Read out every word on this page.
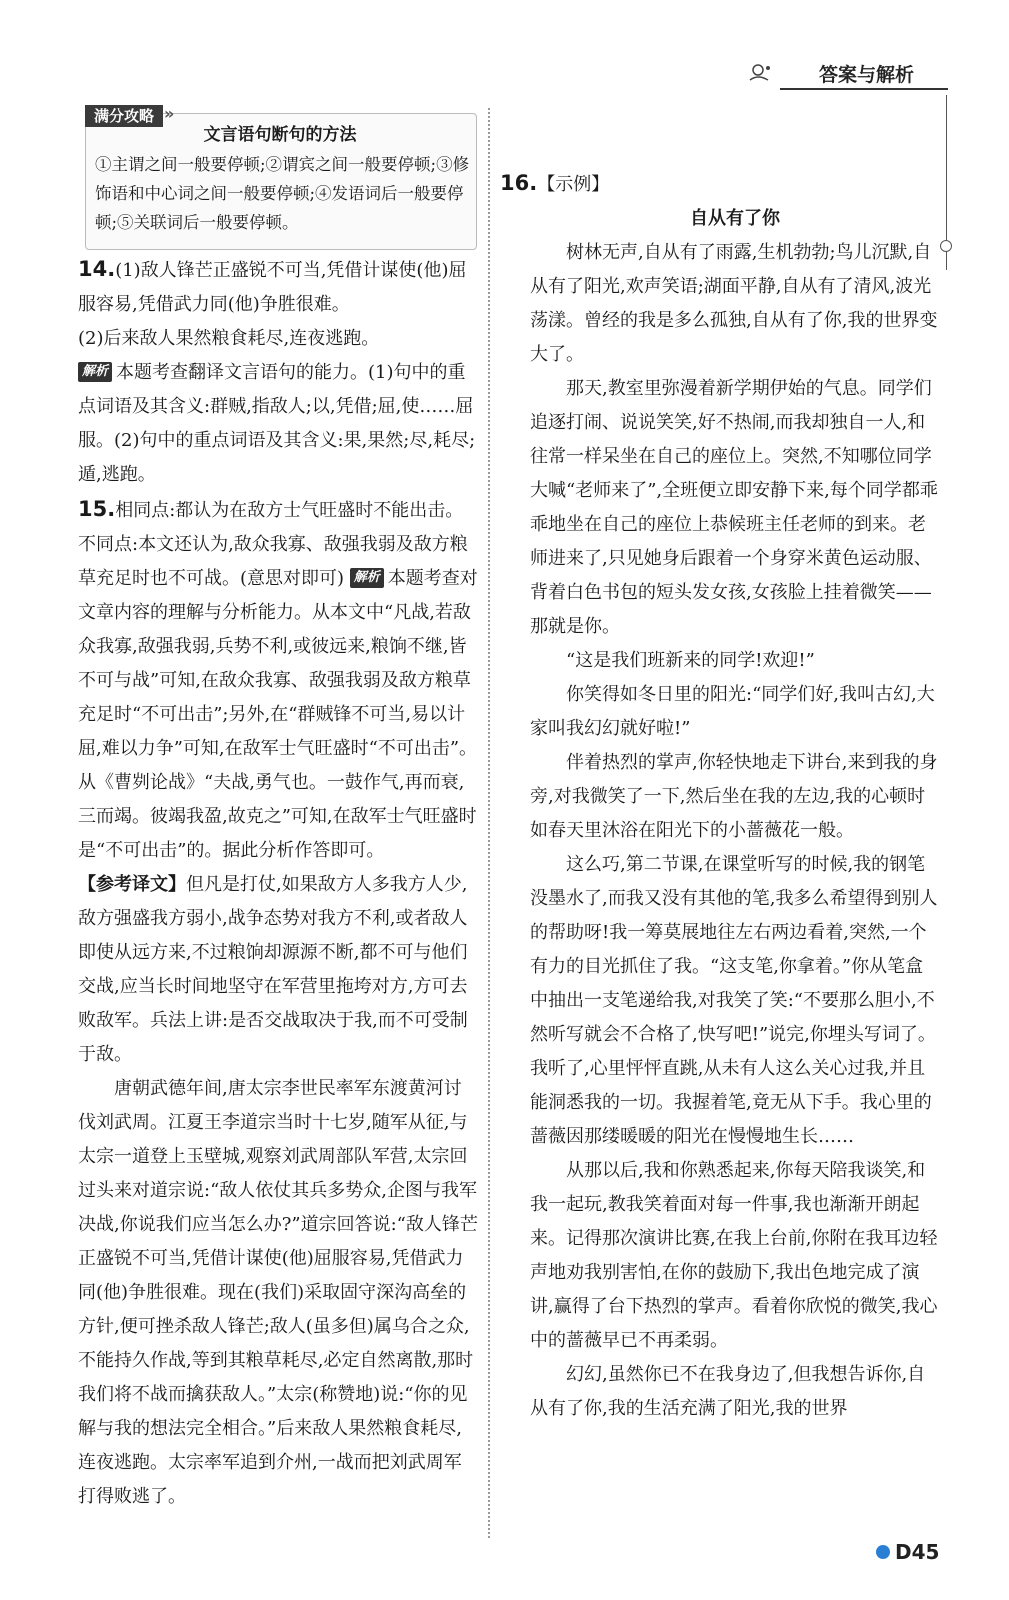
答案与解析
满分攻略 »
文言语句断句的方法
①主谓之间一般要停顿;②谓宾之间一般要停顿;③修饰语和中心词之间一般要停顿;④发语词后一般要停顿;⑤关联词后一般要停顿。

14.(1)敌人锋芒正盛锐不可当,凭借计谋使(他)屈服容易,凭借武力同(他)争胜很难。

(2)后来敌人果然粮食耗尽,连夜逃跑。

解析 本题考查翻译文言语句的能力。(1)句中的重点词语及其含义:群贼,指敌人;以,凭借;屈,使……屈服。(2)句中的重点词语及其含义:果,果然;尽,耗尽;遁,逃跑。

15.相同点:都认为在敌方士气旺盛时不能出击。

不同点:本文还认为,敌众我寡、敌强我弱及敌方粮草充足时也不可战。(意思对即可) 解析 本题考查对文章内容的理解与分析能力。从本文中“凡战,若敌众我寡,敌强我弱,兵势不利,或彼远来,粮饷不继,皆不可与战”可知,在敌众我寡、敌强我弱及敌方粮草充足时“不可出击”;另外,在“群贼锋不可当,易以计屈,难以力争”可知,在敌军士气旺盛时“不可出击”。从《曹刿论战》“夫战,勇气也。一鼓作气,再而衰,三而竭。彼竭我盈,故克之”可知,在敌军士气旺盛时是“不可出击”的。据此分析作答即可。

【参考译文】但凡是打仗,如果敌方人多我方人少,敌方强盛我方弱小,战争态势对我方不利,或者敌人即使从远方来,不过粮饷却源源不断,都不可与他们交战,应当长时间地坚守在军营里拖垮对方,方可去败敌军。兵法上讲:是否交战取决于我,而不可受制于敌。

唐朝武德年间,唐太宗李世民率军东渡黄河讨伐刘武周。江夏王李道宗当时十七岁,随军从征,与太宗一道登上玉壁城,观察刘武周部队军营,太宗回过头来对道宗说:“敌人依仗其兵多势众,企图与我军决战,你说我们应当怎么办?”道宗回答说:“敌人锋芒正盛锐不可当,凭借计谋使(他)屈服容易,凭借武力同(他)争胜很难。现在(我们)采取固守深沟高垒的方针,便可挫杀敌人锋芒;敌人(虽多但)属乌合之众,不能持久作战,等到其粮草耗尽,必定自然离散,那时我们将不战而擒获敌人。”太宗(称赞地)说:“你的见解与我的想法完全相合。”后来敌人果然粮食耗尽,连夜逃跑。太宗率军追到介州,一战而把刘武周军打得败逃了。

16.【示例】

自从有了你

树林无声,自从有了雨露,生机勃勃;鸟儿沉默,自从有了阳光,欢声笑语;湖面平静,自从有了清风,波光荡漾。曾经的我是多么孤独,自从有了你,我的世界变大了。

那天,教室里弥漫着新学期伊始的气息。同学们追逐打闹、说说笑笑,好不热闹,而我却独自一人,和往常一样呆坐在自己的座位上。突然,不知哪位同学大喊“老师来了”,全班便立即安静下来,每个同学都乖乖地坐在自己的座位上恭候班主任老师的到来。老师进来了,只见她身后跟着一个身穿米黄色运动服、背着白色书包的短头发女孩,女孩脸上挂着微笑——那就是你。

“这是我们班新来的同学!欢迎!”

你笑得如冬日里的阳光:“同学们好,我叫古幻,大家叫我幻幻就好啦!”

伴着热烈的掌声,你轻快地走下讲台,来到我的身旁,对我微笑了一下,然后坐在我的左边,我的心顿时如春天里沐浴在阳光下的小蔷薇花一般。

这么巧,第二节课,在课堂听写的时候,我的钢笔没墨水了,而我又没有其他的笔,我多么希望得到别人的帮助呀!我一筹莫展地往左右两边看着,突然,一个有力的目光抓住了我。“这支笔,你拿着。”你从笔盒中抽出一支笔递给我,对我笑了笑:“不要那么胆小,不然听写就会不合格了,快写吧!”说完,你埋头写词了。我听了,心里怦怦直跳,从未有人这么关心过我,并且能洞悉我的一切。我握着笔,竟无从下手。我心里的蔷薇因那缕暖暖的阳光在慢慢地生长……

从那以后,我和你熟悉起来,你每天陪我谈笑,和我一起玩,教我笑着面对每一件事,我也渐渐开朗起来。记得那次演讲比赛,在我上台前,你附在我耳边轻声地劝我别害怕,在你的鼓励下,我出色地完成了演讲,赢得了台下热烈的掌声。看着你欣悦的微笑,我心中的蔷薇早已不再柔弱。

幻幻,虽然你已不在我身边了,但我想告诉你,自从有了你,我的生活充满了阳光,我的世界

D45
